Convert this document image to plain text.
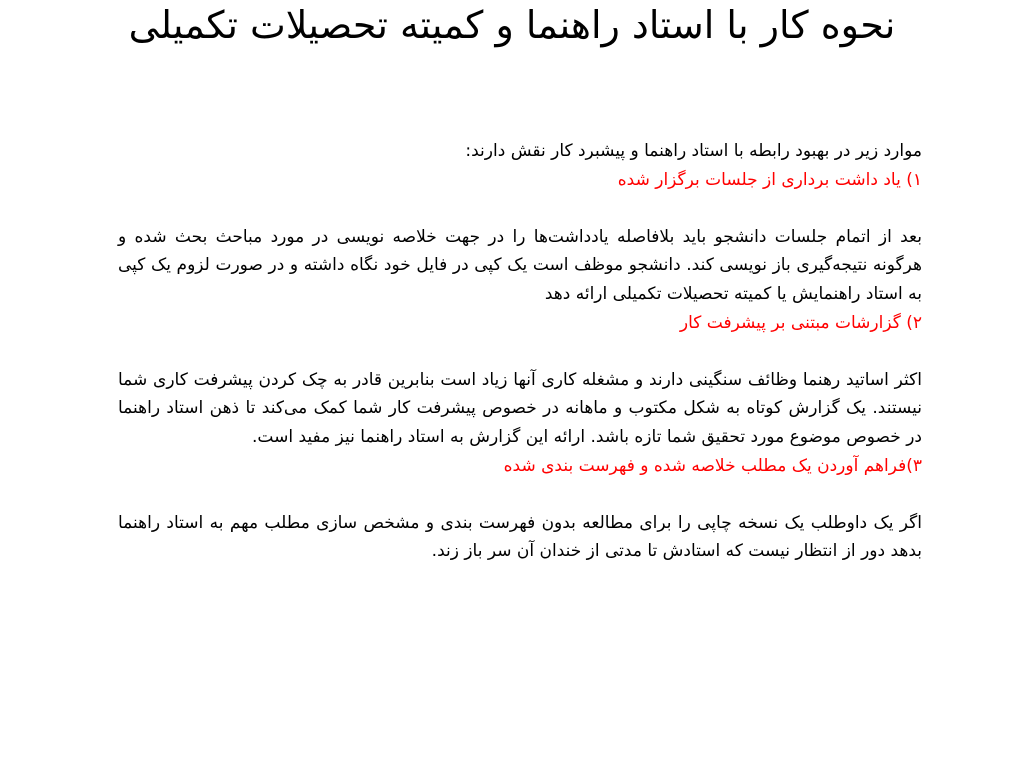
نحوه کار با استاد راهنما و کمیته تحصیلات تکمیلی

موارد زیر در بهبود رابطه با استاد راهنما و پیشبرد کار نقش دارند:

۱) یاد داشت برداری از جلسات برگزار شده

بعد از اتمام جلسات دانشجو باید بلافاصله یادداشت‌ها را در جهت خلاصه نویسی در مورد مباحث بحث شده و هرگونه نتیجه‌گیری باز نویسی کند. دانشجو موظف است یک کپی در فایل خود نگاه داشته و در صورت لزوم یک کپی به استاد راهنمایش یا کمیته تحصیلات تکمیلی ارائه دهد

۲) گزارشات مبتنی بر پیشرفت کار

اکثر اساتید رهنما وظائف سنگینی دارند و مشغله کاری آنها زیاد است بنابرین قادر به چک کردن پیشرفت کاری شما نیستند. یک گزارش کوتاه به شکل مکتوب و ماهانه در خصوص پیشرفت کار شما کمک می‌کند تا ذهن استاد راهنما در خصوص موضوع مورد تحقیق شما تازه باشد. ارائه این گزارش به استاد راهنما نیز مفید است.

۳)فراهم آوردن یک مطلب خلاصه شده و فهرست بندی شده

اگر یک داوطلب یک نسخه چاپی را برای مطالعه بدون فهرست بندی و مشخص سازی مطلب مهم به استاد راهنما بدهد دور از انتظار نیست که استادش تا مدتی از خندان آن سر باز زند.
